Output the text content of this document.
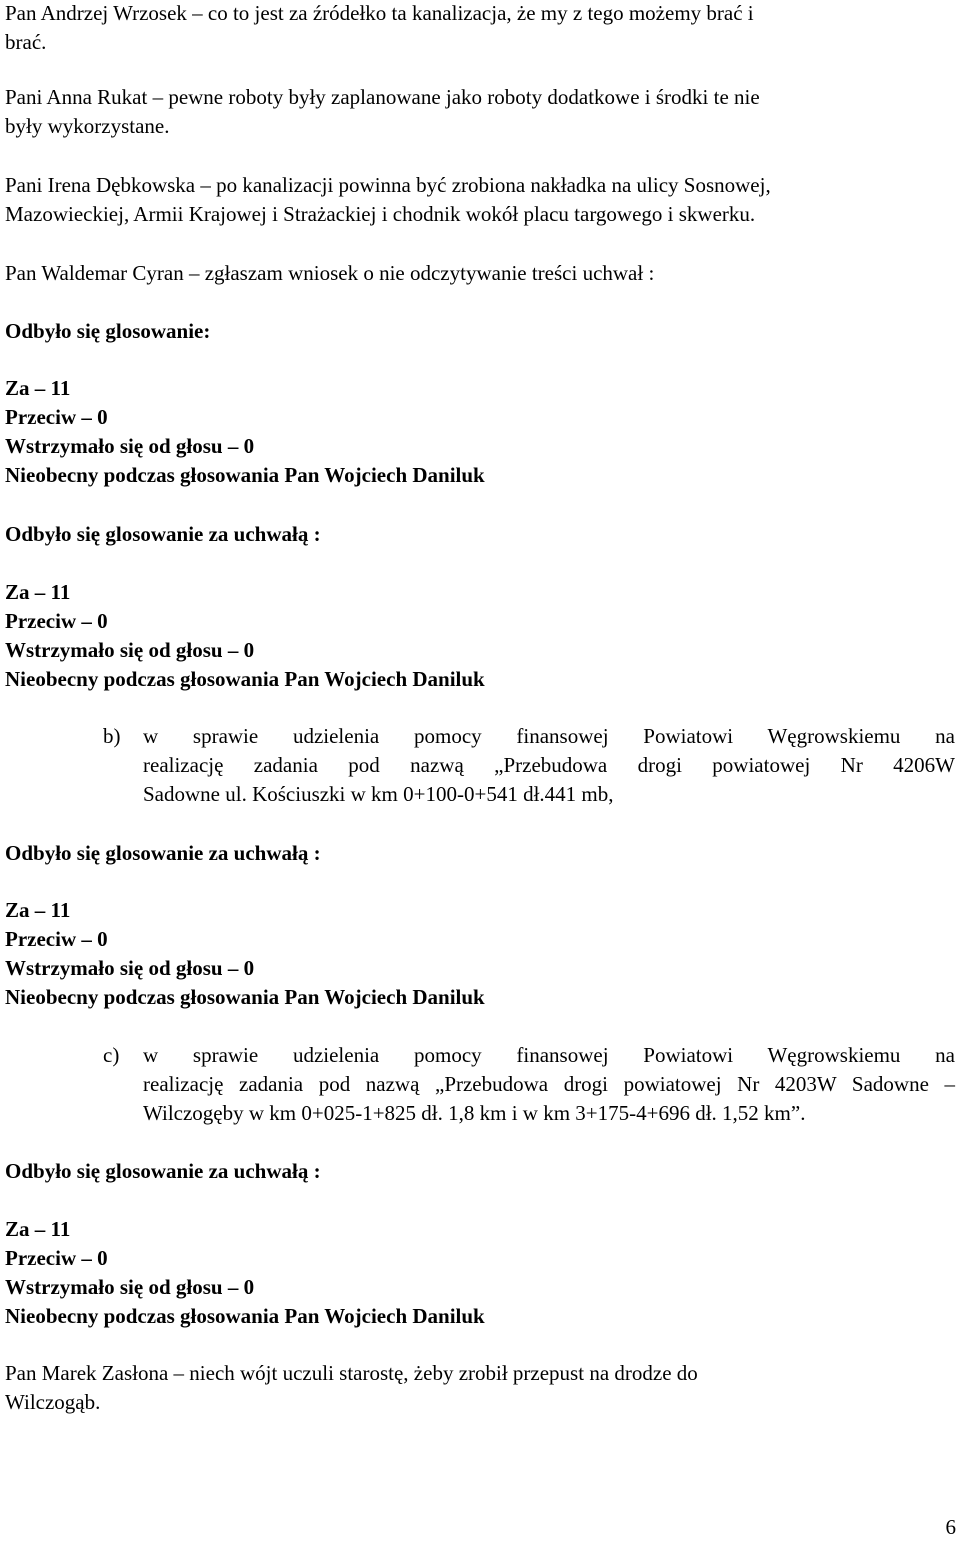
Pan Andrzej Wrzosek – co to jest za źródełko ta kanalizacja, że my z tego możemy brać i
brać.

Pani Anna Rukat – pewne roboty były zaplanowane jako roboty dodatkowe i środki te nie
były wykorzystane.

Pani Irena Dębkowska – po kanalizacji powinna być zrobiona nakładka na ulicy Sosnowej,
Mazowieckiej, Armii Krajowej i Strażackiej i chodnik wokół placu targowego i skwerku.

Pan Waldemar Cyran – zgłaszam wniosek o nie odczytywanie treści uchwał :

Odbyło się glosowanie:
Za – 11
Przeciw – 0
Wstrzymało się od głosu – 0
Nieobecny podczas głosowania Pan Wojciech Daniluk
Odbyło się glosowanie za uchwałą :
Za – 11
Przeciw – 0
Wstrzymało się od głosu – 0
Nieobecny podczas głosowania Pan Wojciech Daniluk
b)	w sprawie udzielenia pomocy finansowej Powiatowi Węgrowskiemu na
realizację zadania pod nazwą „Przebudowa drogi powiatowej Nr 4206W
Sadowne ul. Kościuszki w km 0+100-0+541 dł.441 mb,
Odbyło się glosowanie za uchwałą :
Za – 11
Przeciw – 0
Wstrzymało się od głosu – 0
Nieobecny podczas głosowania Pan Wojciech Daniluk
c)	w sprawie udzielenia pomocy finansowej Powiatowi Węgrowskiemu na
realizację zadania pod nazwą „Przebudowa drogi powiatowej Nr 4203W Sadowne –
Wilczogęby w km 0+025-1+825 dł. 1,8 km i w km 3+175-4+696 dł. 1,52 km”.
Odbyło się glosowanie za uchwałą :
Za – 11
Przeciw – 0
Wstrzymało się od głosu – 0
Nieobecny podczas głosowania Pan Wojciech Daniluk

Pan Marek Zasłona – niech wójt uczuli starostę, żeby zrobił przepust na drodze do
Wilczogąb.

6
